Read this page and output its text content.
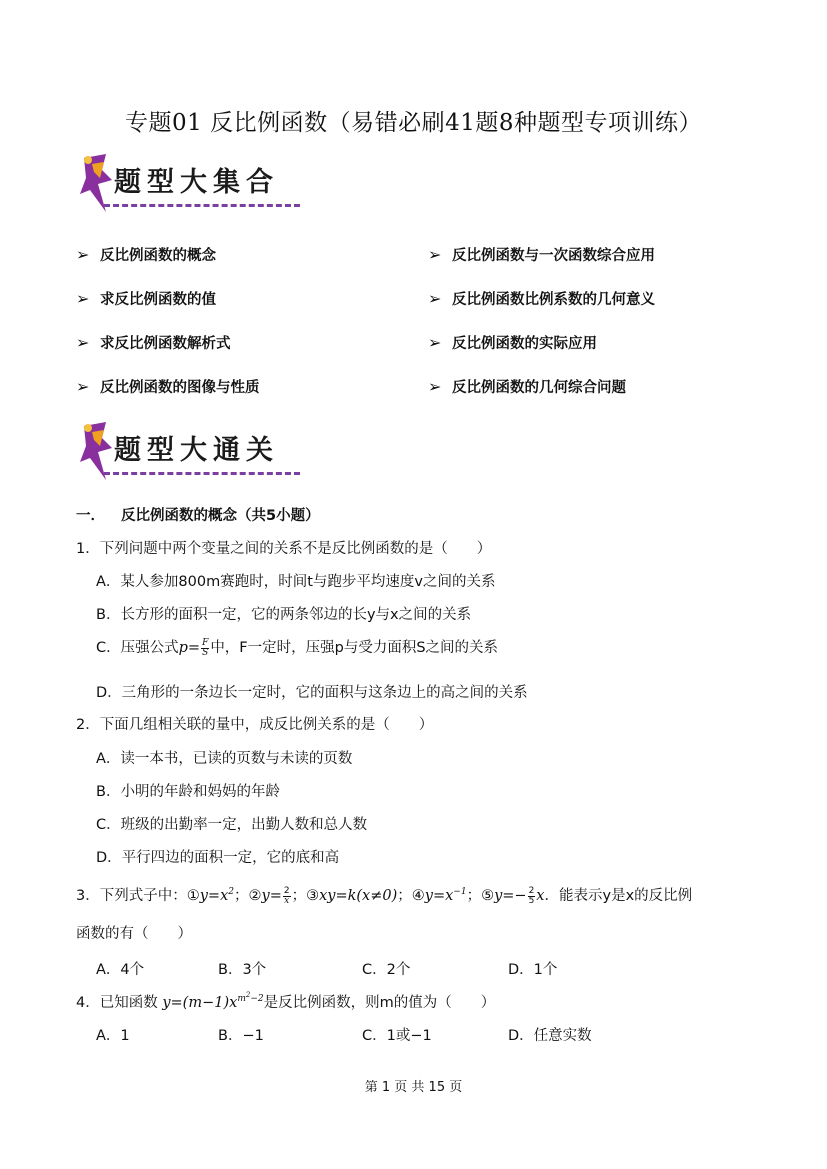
专题01 反比例函数（易错必刷41题8种题型专项训练）
题型大集合
➢ 反比例函数的概念
➢ 求反比例函数的值
➢ 求反比例函数解析式
➢ 反比例函数的图像与性质
➢ 反比例函数与一次函数综合应用
➢ 反比例函数比例系数的几何意义
➢ 反比例函数的实际应用
➢ 反比例函数的几何综合问题
题型大通关
一． 反比例函数的概念（共5小题）
1．下列问题中两个变量之间的关系不是反比例函数的是（　　）
A．某人参加800m赛跑时，时间t与跑步平均速度v之间的关系
B．长方形的面积一定，它的两条邻边的长y与x之间的关系
C．压强公式$p= \frac{F}{S}$ 中，F一定时，压强p与受力面积S之间的关系
D．三角形的一条边长一定时，它的面积与这条边上的高之间的关系
2．下面几组相关联的量中，成反比例关系的是（　　）
A．读一本书，已读的页数与未读的页数
B．小明的年龄和妈妈的年龄
C．班级的出勤率一定，出勤人数和总人数
D．平行四边的面积一定，它的底和高
3．下列式子中：$①y=x^2$；②y= $\frac{2}{x}$ ；③xy=k(x≠0)；$④y=x^{-1}$；⑤y=− $\frac{2}{5}$ x．能表示y是x的反比例
函数的有（　　）
A．4个	B．3个	C．2个	D．1个
4．已知函数 $y=(m-1)x^{m^2-2}$是反比例函数，则m的值为（　　）
A．1	B．−1	C．1或−1	D．任意实数
第 1 页 共 15 页
